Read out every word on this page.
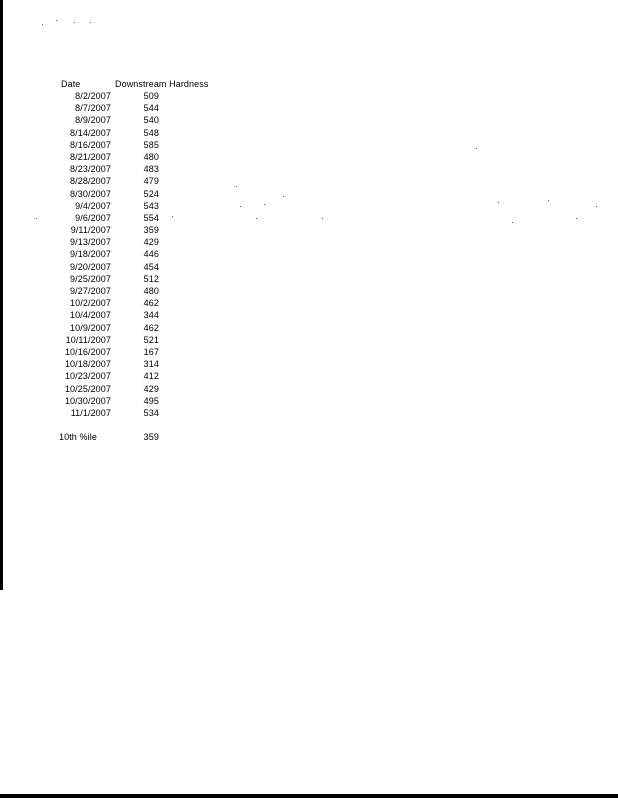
Date	Downstream Hardness
8/2/2007	509
8/7/2007	544
8/9/2007	540
8/14/2007	548
8/16/2007	585
8/21/2007	480
8/23/2007	483
8/28/2007	479
8/30/2007	524
9/4/2007	543
9/6/2007	554
9/11/2007	359
9/13/2007	429
9/18/2007	446
9/20/2007	454
9/25/2007	512
9/27/2007	480
10/2/2007	462
10/4/2007	344
10/9/2007	462
10/11/2007	521
10/16/2007	167
10/18/2007	314
10/23/2007	412
10/25/2007	429
10/30/2007	495
11/1/2007	534
10th %ile	359
